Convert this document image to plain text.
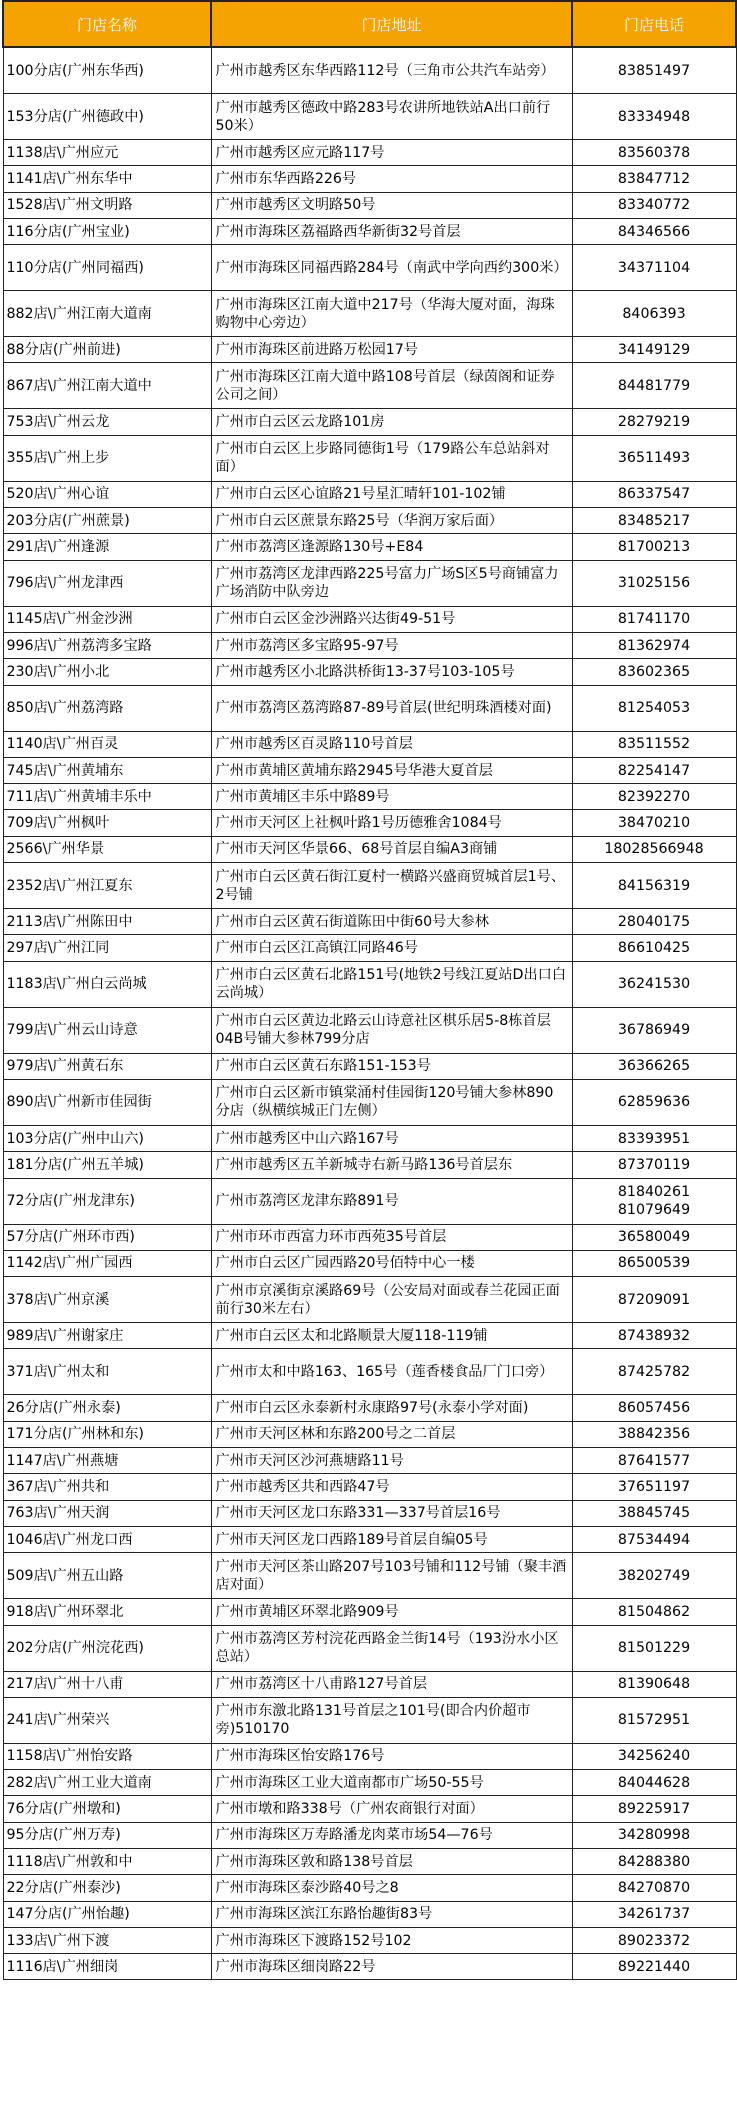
门店名称	门店地址	门店电话
100分店(广州东华西)	广州市越秀区东华西路112号（三角市公共汽车站旁）	83851497
153分店(广州德政中)	广州市越秀区德政中路283号农讲所地铁站A出口前行50米）	83334948
1138店\广州应元	广州市越秀区应元路117号	83560378
1141店\广州东华中	广州市东华西路226号	83847712
1528店\广州文明路	广州市越秀区文明路50号	83340772
116分店(广州宝业)	广州市海珠区荔福路西华新街32号首层	84346566
110分店(广州同福西)	广州市海珠区同福西路284号（南武中学向西约300米）	34371104
882店\广州江南大道南	广州市海珠区江南大道中217号（华海大厦对面，海珠购物中心旁边）	8406393
88分店(广州前进)	广州市海珠区前进路万松园17号	34149129
867店\广州江南大道中	广州市海珠区江南大道中路108号首层（绿茵阁和证券公司之间）	84481779
753店\广州云龙	广州市白云区云龙路101房	28279219
355店\广州上步	广州市白云区上步路同德街1号（179路公车总站斜对面）	36511493
520店\广州心谊	广州市白云区心谊路21号星汇晴轩101-102铺	86337547
203分店(广州蔗景)	广州市白云区蔗景东路25号（华润万家后面）	83485217
291店\广州逢源	广州市荔湾区逢源路130号+E84	81700213
796店\广州龙津西	广州市荔湾区龙津西路225号富力广场S区5号商铺富力广场消防中队旁边	31025156
1145店\广州金沙洲	广州市白云区金沙洲路兴达街49-51号	81741170
996店\广州荔湾多宝路	广州市荔湾区多宝路95-97号	81362974
230店\广州小北	广州市越秀区小北路洪桥街13-37号103-105号	83602365
850店\广州荔湾路	广州市荔湾区荔湾路87-89号首层(世纪明珠酒楼对面)	81254053
1140店\广州百灵	广州市越秀区百灵路110号首层	83511552
745店\广州黄埔东	广州市黄埔区黄埔东路2945号华港大夏首层	82254147
711店\广州黄埔丰乐中	广州市黄埔区丰乐中路89号	82392270
709店\广州枫叶	广州市天河区上社枫叶路1号历德雅舍1084号	38470210
2566\广州华景	广州市天河区华景66、68号首层自编A3商铺	18028566948
2352店\广州江夏东	广州市白云区黄石街江夏村一横路兴盛商贸城首层1号、2号铺	84156319
2113店\广州陈田中	广州市白云区黄石街道陈田中街60号大参林	28040175
297店\广州江同	广州市白云区江高镇江同路46号	86610425
1183店\广州白云尚城	广州市白云区黄石北路151号(地铁2号线江夏站D出口白云尚城）	36241530
799店\广州云山诗意	广州市白云区黄边北路云山诗意社区棋乐居5-8栋首层04B号铺大参林799分店	36786949
979店\广州黄石东	广州市白云区黄石东路151-153号	36366265
890店\广州新市佳园街	广州市白云区新市镇棠涌村佳园街120号铺大参林890分店（纵横缤城正门左侧）	62859636
103分店(广州中山六)	广州市越秀区中山六路167号	83393951
181分店(广州五羊城)	广州市越秀区五羊新城寺右新马路136号首层东	87370119
72分店(广州龙津东)	广州市荔湾区龙津东路891号	81840261
81079649
57分店(广州环市西)	广州市环市西富力环市西苑35号首层	36580049
1142店\广州广园西	广州市白云区广园西路20号佰特中心一楼	86500539
378店\广州京溪	广州市京溪街京溪路69号（公安局对面或春兰花园正面前行30米左右）	87209091
989店\广州谢家庄	广州市白云区太和北路顺景大厦118-119铺	87438932
371店\广州太和	广州市太和中路163、165号（莲香楼食品厂门口旁）	87425782
26分店(广州永泰)	广州市白云区永泰新村永康路97号(永泰小学对面)	86057456
171分店(广州林和东)	广州市天河区林和东路200号之二首层	38842356
1147店\广州燕塘	广州市天河区沙河燕塘路11号	87641577
367店\广州共和	广州市越秀区共和西路47号	37651197
763店\广州天润	广州市天河区龙口东路331—337号首层16号	38845745
1046店\广州龙口西	广州市天河区龙口西路189号首层自编05号	87534494
509店\广州五山路	广州市天河区茶山路207号103号铺和112号铺（聚丰酒店对面）	38202749
918店\广州环翠北	广州市黄埔区环翠北路909号	81504862
202分店(广州浣花西)	广州市荔湾区芳村浣花西路金兰街14号（193汾水小区总站）	81501229
217店\广州十八甫	广州市荔湾区十八甫路127号首层	81390648
241店\广州荣兴	广州市东激北路131号首层之101号(即合内价超市旁)510170	81572951
1158店\广州怡安路	广州市海珠区怡安路176号	34256240
282店\广州工业大道南	广州市海珠区工业大道南都市广场50-55号	84044628
76分店(广州墩和)	广州市墩和路338号（广州农商银行对面）	89225917
95分店(广州万寿)	广州市海珠区万寿路潘龙肉菜市场54—76号	34280998
1118店\广州敦和中	广州市海珠区敦和路138号首层	84288380
22分店(广州泰沙)	广州市海珠区泰沙路40号之8	84270870
147分店(广州怡趣)	广州市海珠区滨江东路怡趣街83号	34261737
133店\广州下渡	广州市海珠区下渡路152号102	89023372
1116店\广州细岗	广州市海珠区细岗路22号	89221440
